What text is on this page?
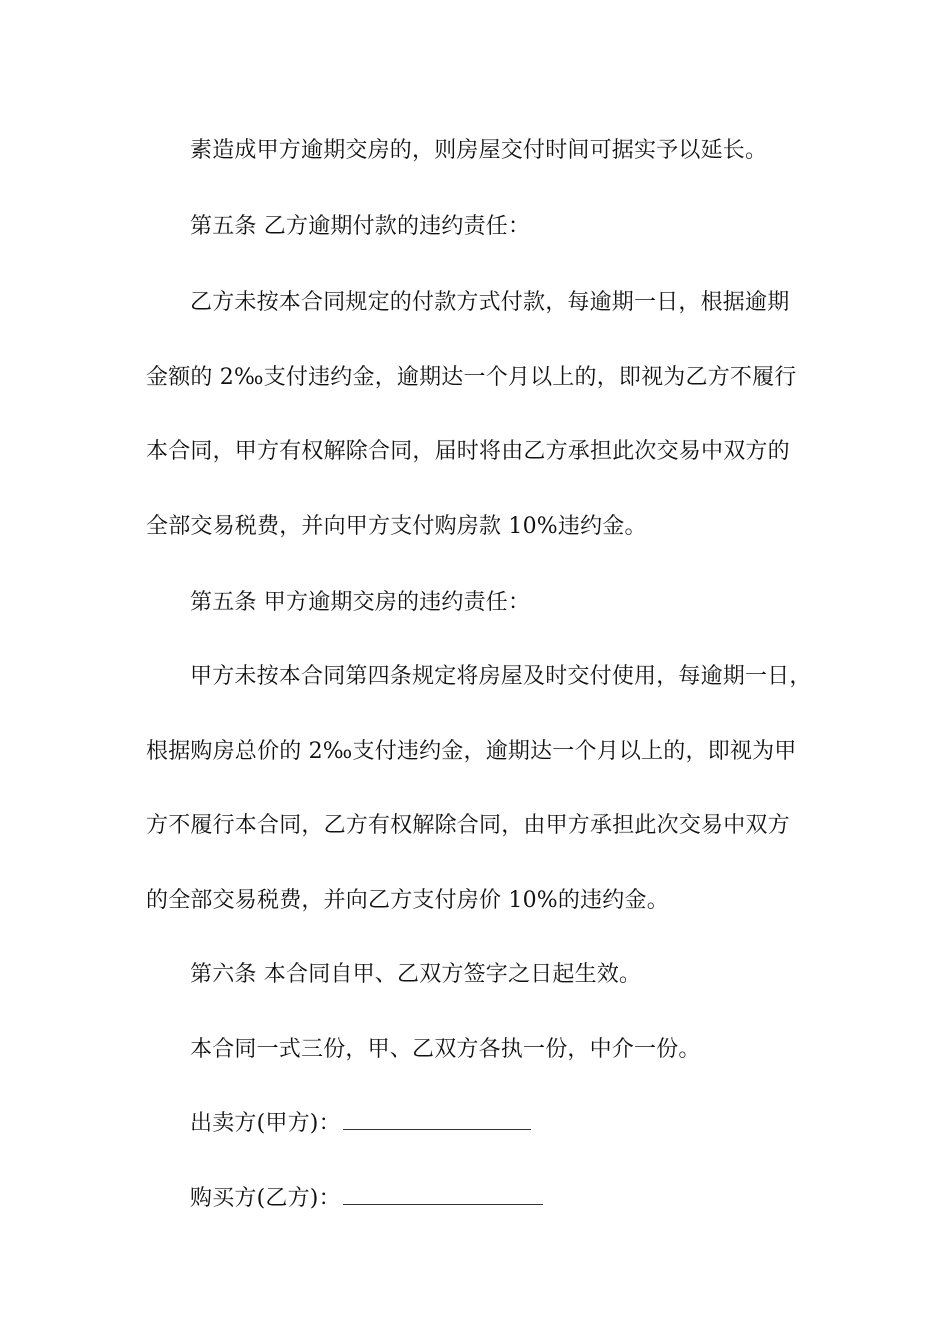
素造成甲方逾期交房的，则房屋交付时间可据实予以延长。
第五条 乙方逾期付款的违约责任：
乙方未按本合同规定的付款方式付款，每逾期一日，根据逾期
金额的 2‰支付违约金，逾期达一个月以上的，即视为乙方不履行
本合同，甲方有权解除合同，届时将由乙方承担此次交易中双方的
全部交易税费，并向甲方支付购房款 10%违约金。
第五条 甲方逾期交房的违约责任：
甲方未按本合同第四条规定将房屋及时交付使用，每逾期一日，
根据购房总价的 2‰支付违约金，逾期达一个月以上的，即视为甲
方不履行本合同，乙方有权解除合同，由甲方承担此次交易中双方
的全部交易税费，并向乙方支付房价 10%的违约金。
第六条 本合同自甲、乙双方签字之日起生效。
本合同一式三份，甲、乙双方各执一份，中介一份。
出卖方(甲方)：
购买方(乙方)：
